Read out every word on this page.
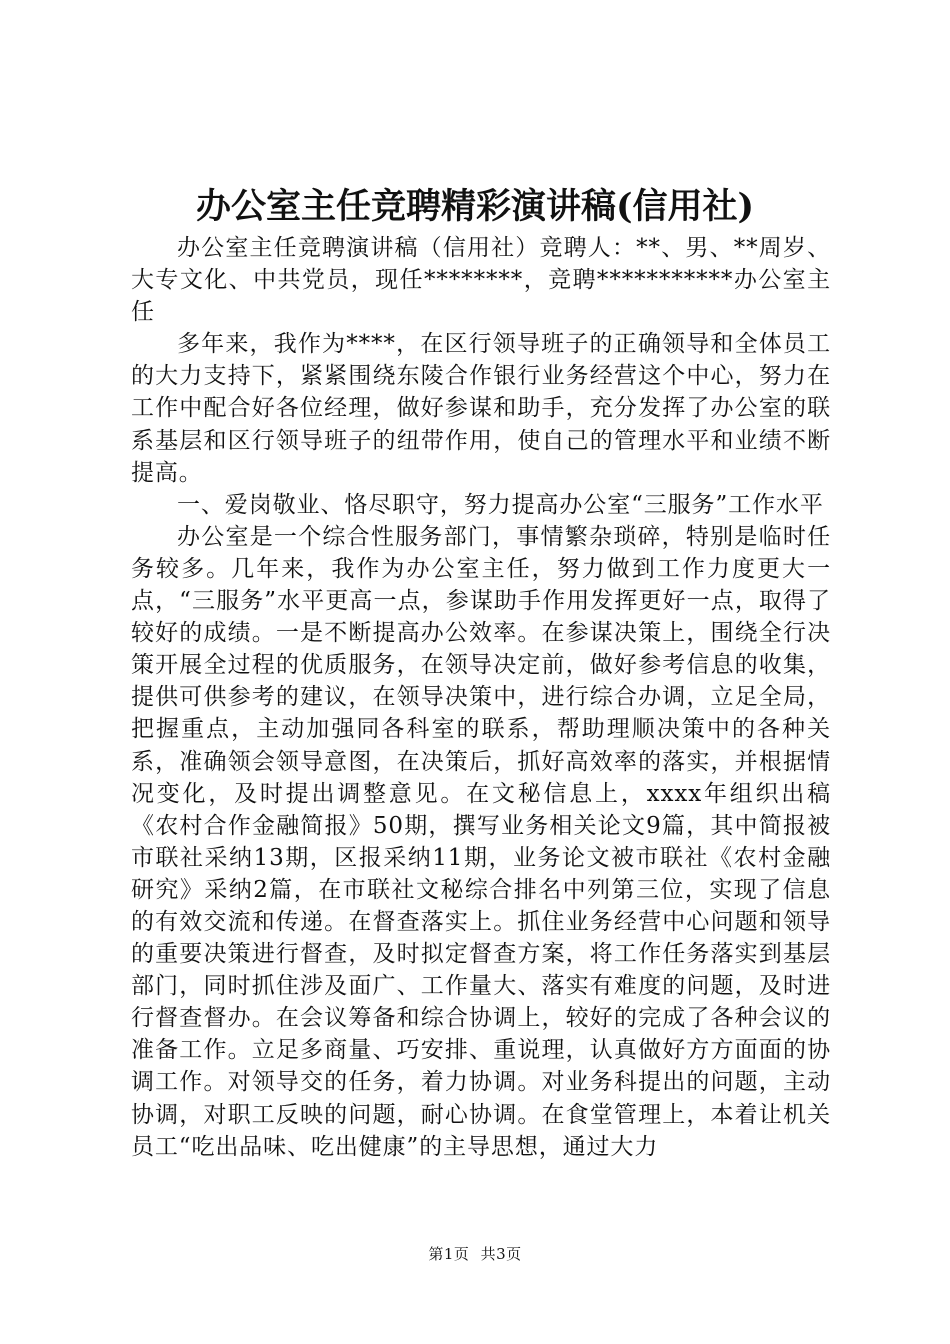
办公室主任竞聘精彩演讲稿(信用社)

办公室主任竞聘演讲稿（信用社）竞聘人：**、男、**周岁、大专文化、中共党员，现任********，竞聘***********办公室主任

多年来，我作为****，在区行领导班子的正确领导和全体员工的大力支持下，紧紧围绕东陵合作银行业务经营这个中心，努力在工作中配合好各位经理，做好参谋和助手，充分发挥了办公室的联系基层和区行领导班子的纽带作用，使自己的管理水平和业绩不断提高。

一、爱岗敬业、恪尽职守，努力提高办公室“三服务”工作水平

办公室是一个综合性服务部门，事情繁杂琐碎，特别是临时任务较多。几年来，我作为办公室主任，努力做到工作力度更大一点，“三服务”水平更高一点，参谋助手作用发挥更好一点，取得了较好的成绩。一是不断提高办公效率。在参谋决策上，围绕全行决策开展全过程的优质服务，在领导决定前，做好参考信息的收集，提供可供参考的建议，在领导决策中，进行综合办调，立足全局，把握重点，主动加强同各科室的联系，帮助理顺决策中的各种关系，准确领会领导意图，在决策后，抓好高效率的落实，并根据情况变化，及时提出调整意见。在文秘信息上，xxxx年组织出稿《农村合作金融简报》50期，撰写业务相关论文9篇，其中简报被市联社采纳13期，区报采纳11期，业务论文被市联社《农村金融研究》采纳2篇，在市联社文秘综合排名中列第三位，实现了信息的有效交流和传递。在督查落实上。抓住业务经营中心问题和领导的重要决策进行督查，及时拟定督查方案，将工作任务落实到基层部门，同时抓住涉及面广、工作量大、落实有难度的问题，及时进行督查督办。在会议筹备和综合协调上，较好的完成了各种会议的准备工作。立足多商量、巧安排、重说理，认真做好方方面面的协调工作。对领导交的任务，着力协调。对业务科提出的问题，主动协调，对职工反映的问题，耐心协调。在食堂管理上，本着让机关员工“吃出品味、吃出健康”的主导思想，通过大力

第1页 共3页
